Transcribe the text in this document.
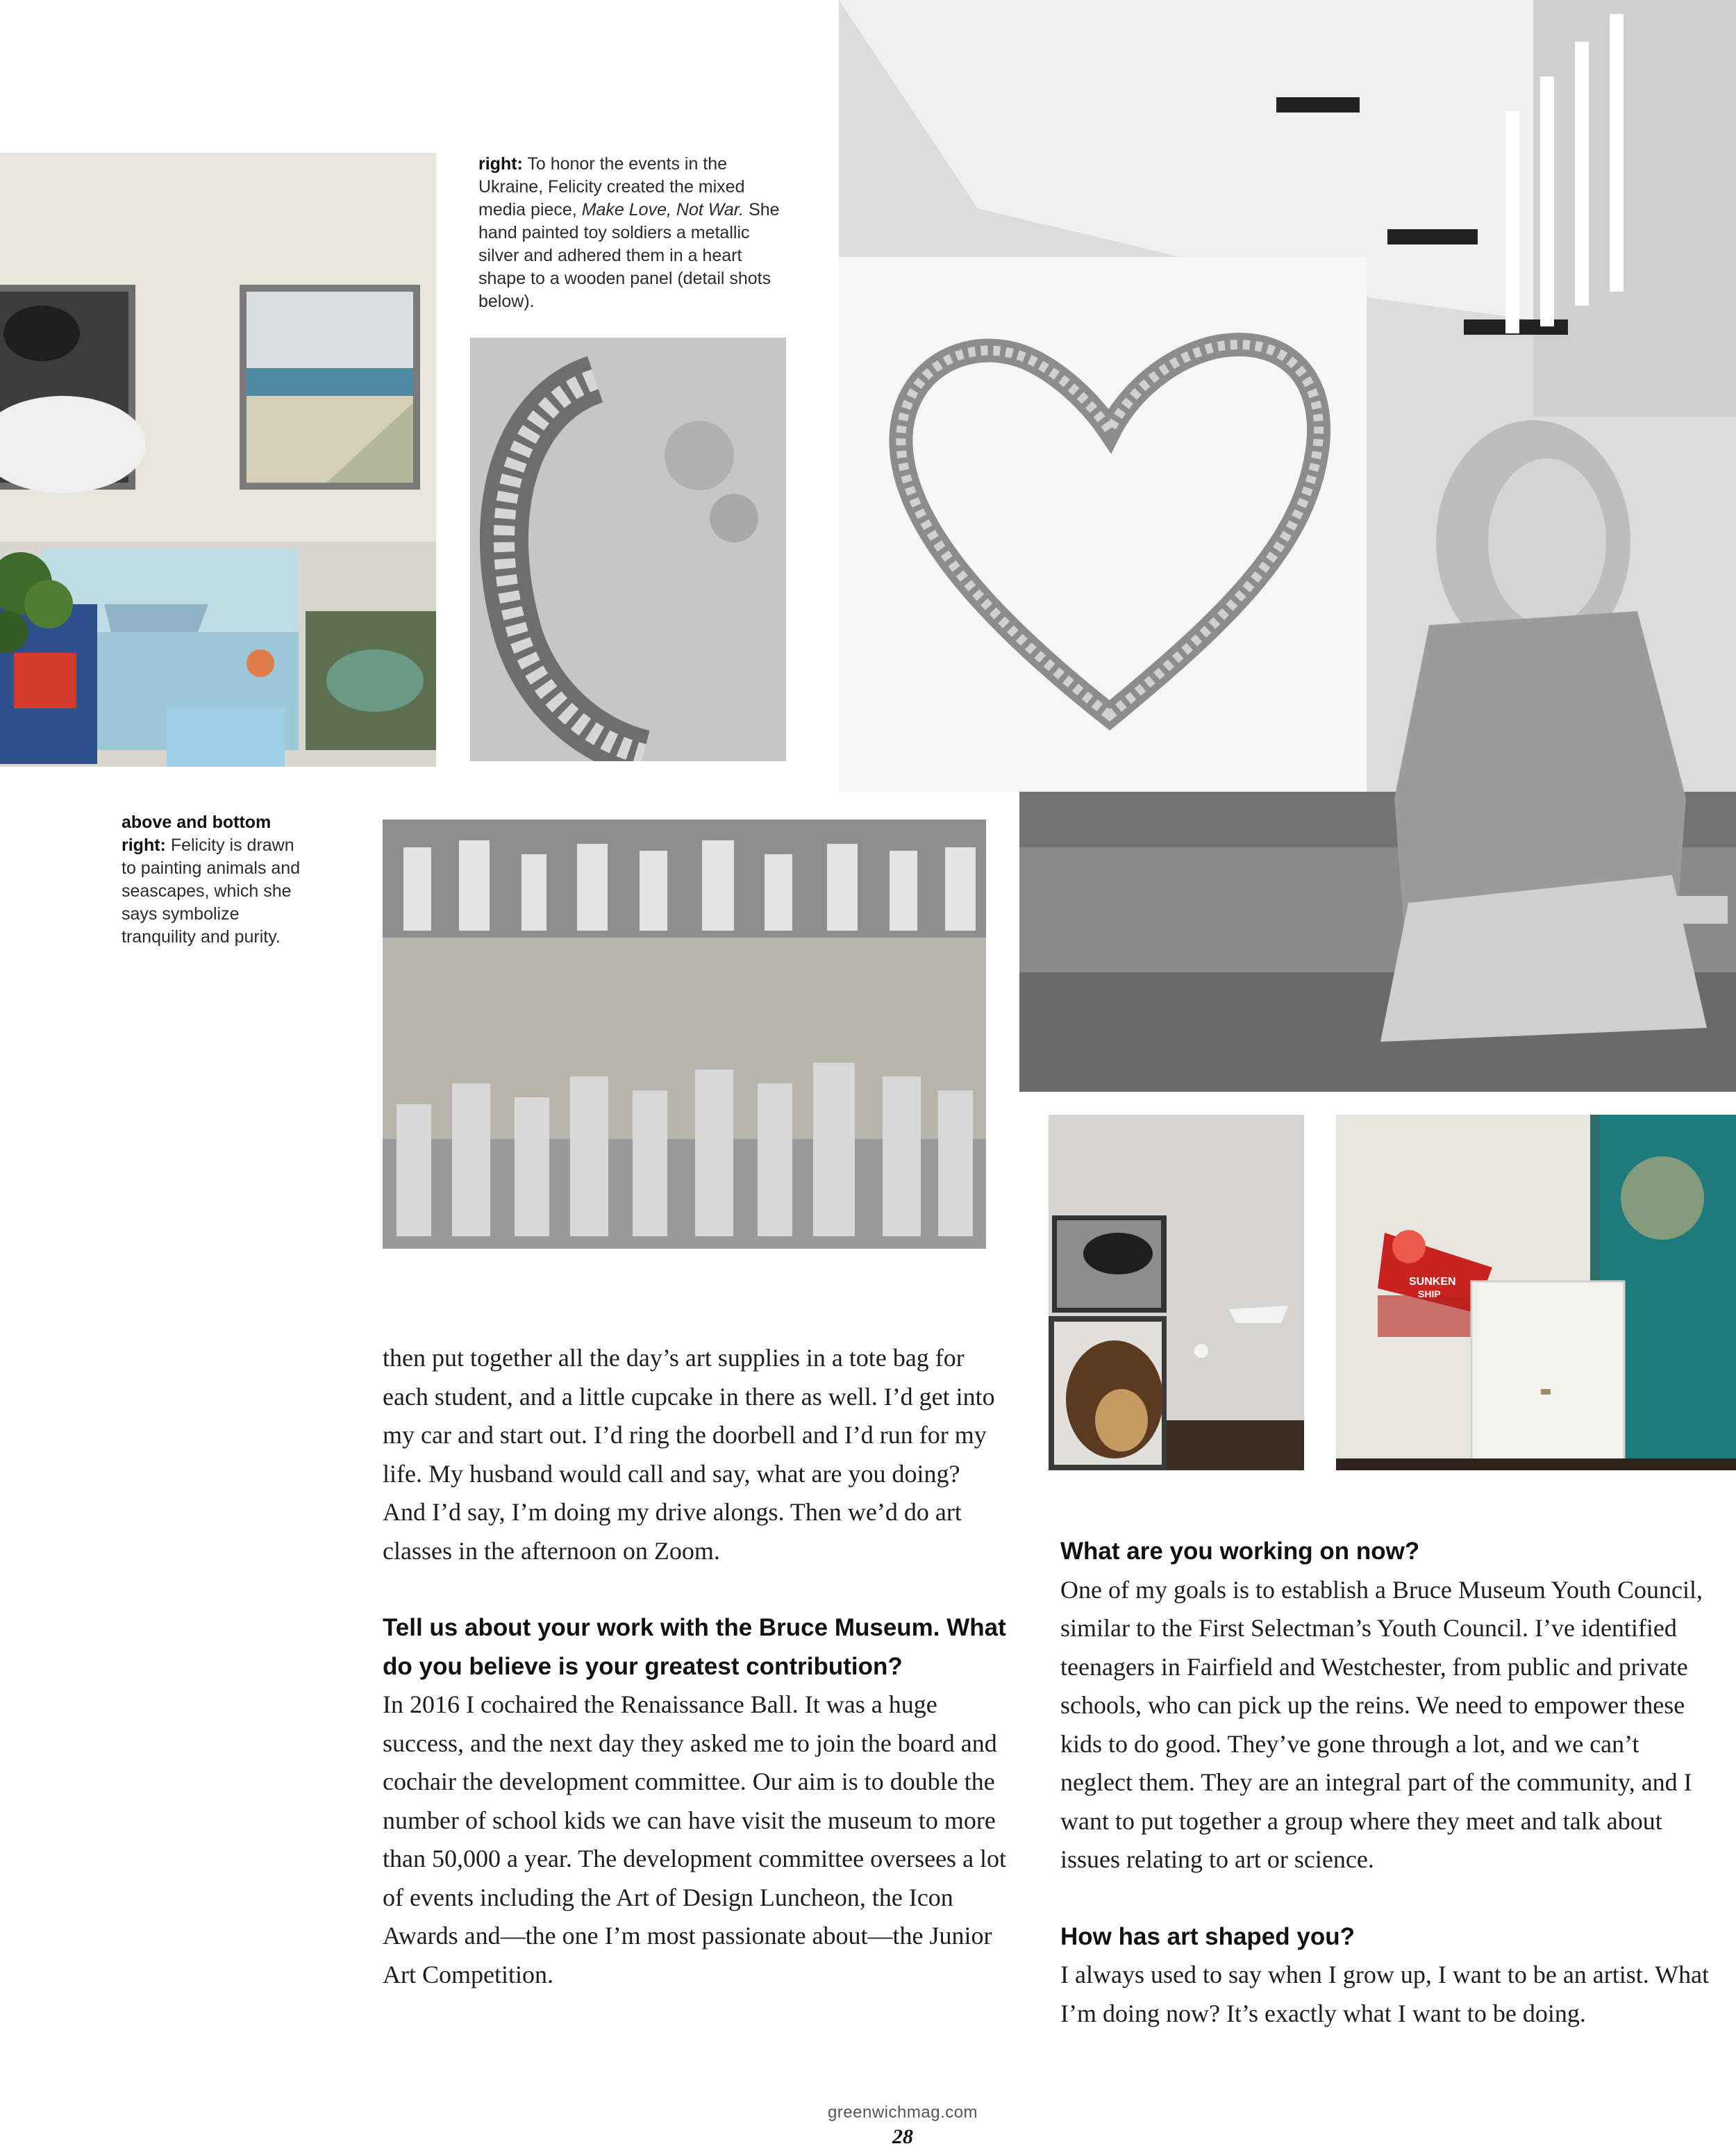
right: To honor the events in the Ukraine, Felicity created the mixed media piece, Make Love, Not War. She hand painted toy soldiers a metallic silver and adhered them in a heart shape to a wooden panel (detail shots below).
above and bottom right: Felicity is drawn to painting animals and seascapes, which she says symbolize tranquility and purity.
SUNKEN
SHIP

then put together all the day’s art supplies in a tote bag for each student, and a little cupcake in there as well. I’d get into my car and start out. I’d ring the doorbell and I’d run for my life. My husband would call and say, what are you doing? And I’d say, I’m doing my drive alongs. Then we’d do art classes in the afternoon on Zoom.

Tell us about your work with the Bruce Museum. What do you believe is your greatest contribution?

In 2016 I cochaired the Renaissance Ball. It was a huge success, and the next day they asked me to join the board and cochair the development committee. Our aim is to double the number of school kids we can have visit the museum to more than 50,000 a year. The development committee oversees a lot of events including the Art of Design Luncheon, the Icon Awards and—the one I’m most passionate about—the Junior Art Competition.

What are you working on now?

One of my goals is to establish a Bruce Museum Youth Council, similar to the First Selectman’s Youth Council. I’ve identified teenagers in Fairfield and Westchester, from public and private schools, who can pick up the reins. We need to empower these kids to do good. They’ve gone through a lot, and we can’t neglect them. They are an integral part of the community, and I want to put together a group where they meet and talk about issues relating to art or science.

How has art shaped you?

I always used to say when I grow up, I want to be an artist. What I’m doing now? It’s exactly what I want to be doing.

greenwichmag.com
28
